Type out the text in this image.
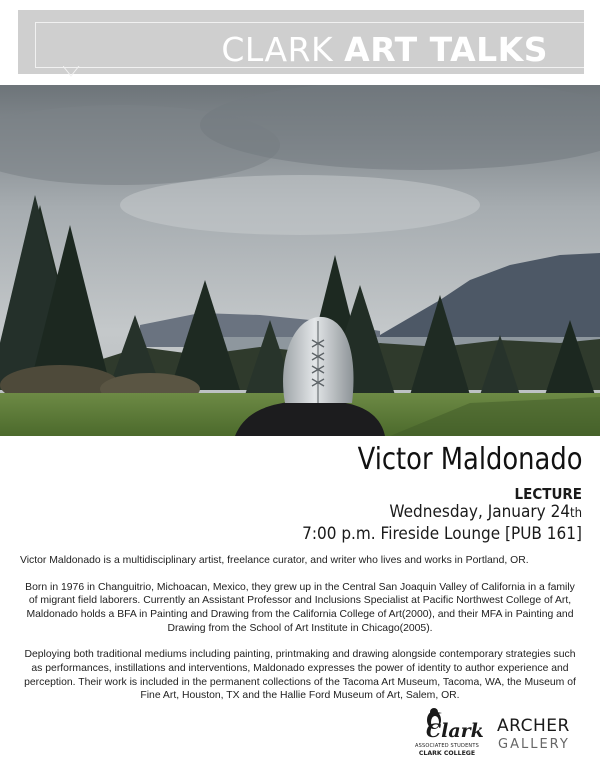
CLARK ART TALKS
Victor Maldonado
LECTURE
Wednesday, January 24th
7:00 p.m. Fireside Lounge [PUB 161]

Victor Maldonado is a multidisciplinary artist, freelance curator, and writer who lives and works in Portland, OR.

Born in 1976 in Changuitrio, Michoacan, Mexico, they grew up in the Central San Joaquin Valley of California in a family of migrant field laborers. Currently an Assistant Professor and Inclusions Specialist at Pacific Northwest College of Art, Maldonado holds a BFA in Painting and Drawing from the California College of Art(2000), and their MFA in Painting and Drawing from the School of Art Institute in Chicago(2005).

Deploying both traditional mediums including painting, printmaking and drawing alongside contemporary strategies such as performances, instillations and interventions, Maldonado expresses the power of identity to author experience and perception. Their work is included in the permanent collections of the Tacoma Art Museum, Tacoma, WA, the Museum of Fine Art, Houston, TX and the Hallie Ford Museum of Art, Salem, OR.

Clark
ASSOCIATED STUDENTS
CLARK COLLEGE
ARCHER
GALLERY
